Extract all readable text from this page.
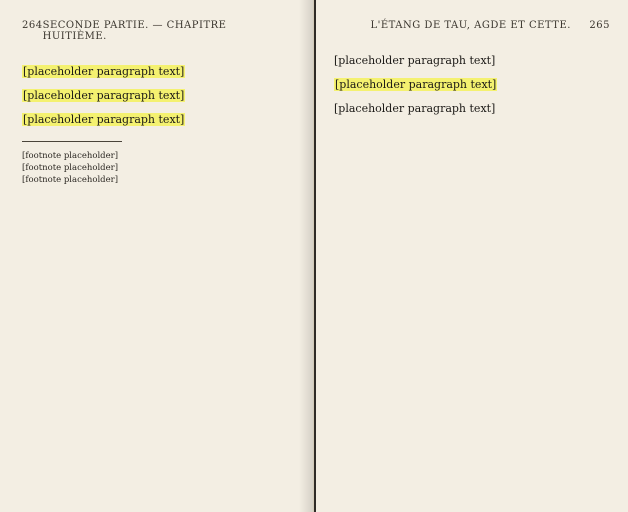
264 SECONDE PARTIE. — CHAPITRE HUITIÈME.

[placeholder paragraph text]

[placeholder paragraph text]

[placeholder paragraph text]

[footnote placeholder]
[footnote placeholder]
[footnote placeholder]
L'ÉTANG DE TAU, AGDE ET CETTE. 265

[placeholder paragraph text]

[placeholder paragraph text]

[placeholder paragraph text]
